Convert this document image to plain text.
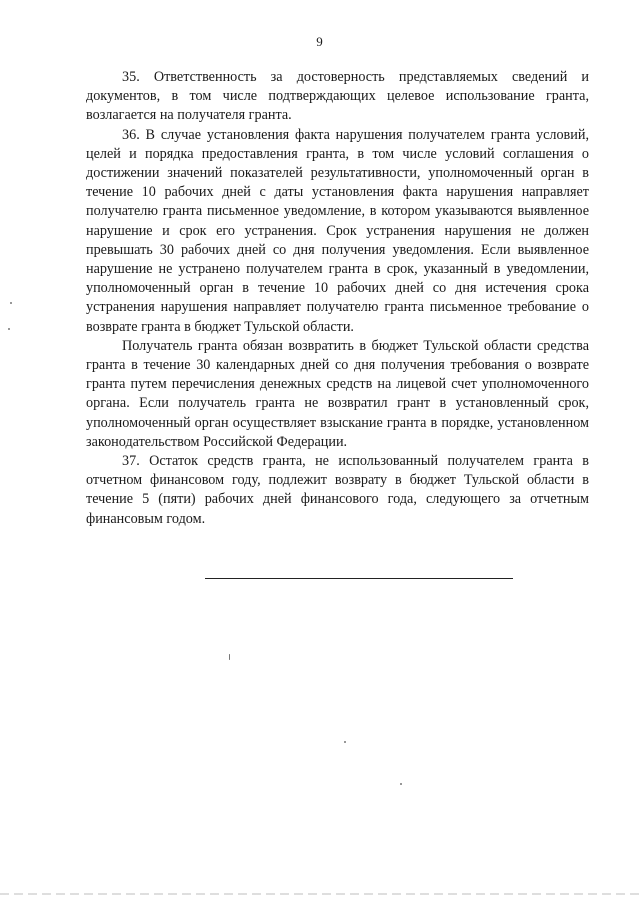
9

35. Ответственность за достоверность представляемых сведений и документов, в том числе подтверждающих целевое использование гранта, возлагается на получателя гранта.

36. В случае установления факта нарушения получателем гранта условий, целей и порядка предоставления гранта, в том числе условий соглашения о достижении значений показателей результативности, уполномоченный орган в течение 10 рабочих дней с даты установления факта нарушения направляет получателю гранта письменное уведомление, в котором указываются выявленное нарушение и срок его устранения. Срок устранения нарушения не должен превышать 30 рабочих дней со дня получения уведомления. Если выявленное нарушение не устранено получателем гранта в срок, указанный в уведомлении, уполномоченный орган в течение 10 рабочих дней со дня истечения срока устранения нарушения направляет получателю гранта письменное требование о возврате гранта в бюджет Тульской области.

Получатель гранта обязан возвратить в бюджет Тульской области средства гранта в течение 30 календарных дней со дня получения требования о возврате гранта путем перечисления денежных средств на лицевой счет уполномоченного органа. Если получатель гранта не возвратил грант в установленный срок, уполномоченный орган осуществляет взыскание гранта в порядке, установленном законодательством Российской Федерации.

37. Остаток средств гранта, не использованный получателем гранта в отчетном финансовом году, подлежит возврату в бюджет Тульской области в течение 5 (пяти) рабочих дней финансового года, следующего за отчетным финансовым годом.
